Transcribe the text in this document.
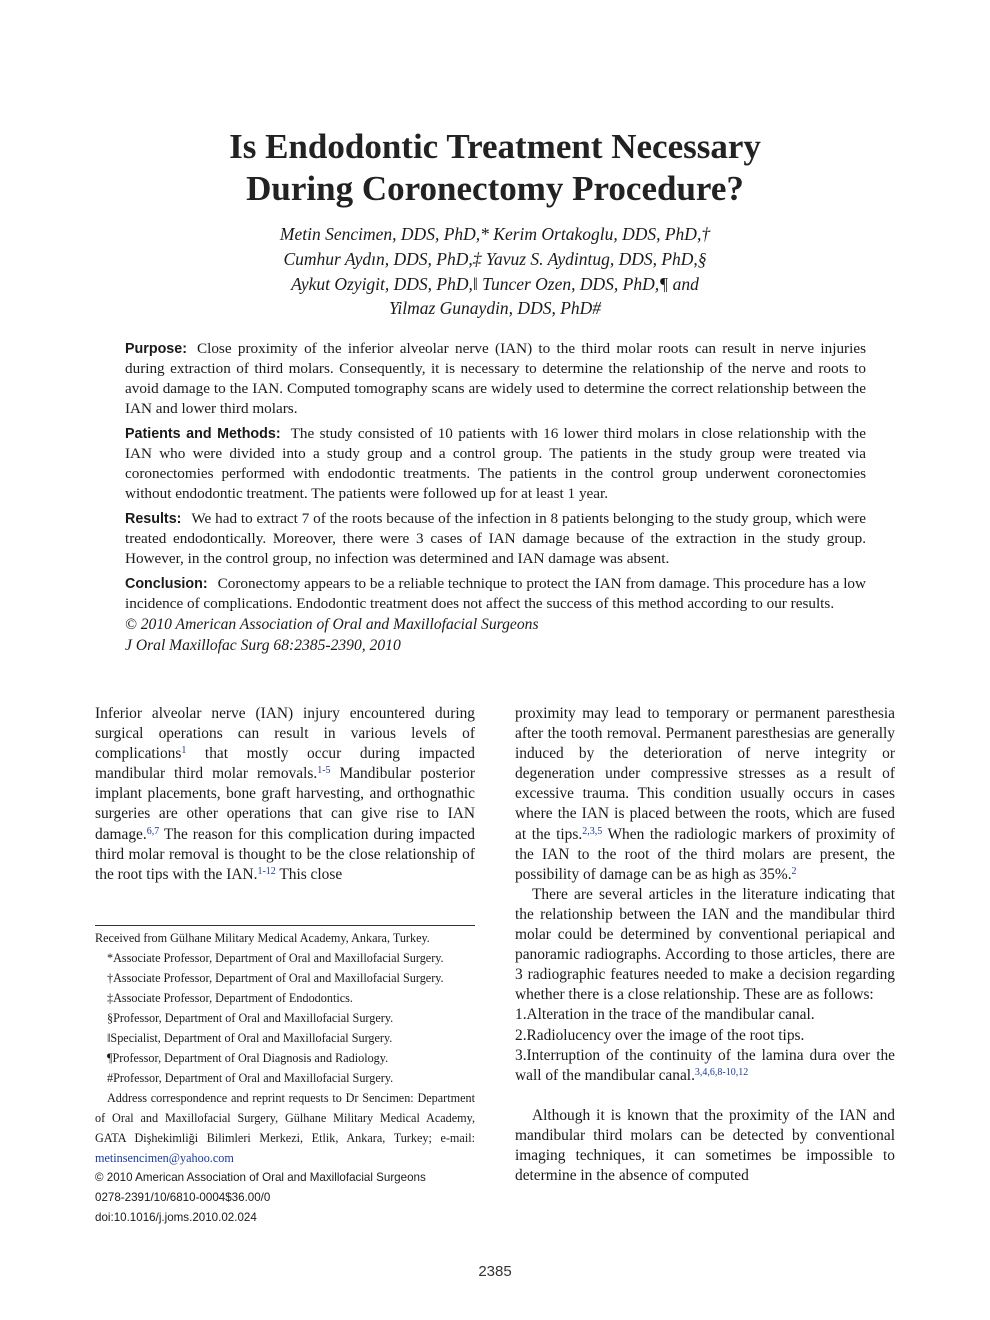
Is Endodontic Treatment Necessary
During Coronectomy Procedure?
Metin Sencimen, DDS, PhD,* Kerim Ortakoglu, DDS, PhD,†
Cumhur Aydın, DDS, PhD,‡ Yavuz S. Aydintug, DDS, PhD,§
Aykut Ozyigit, DDS, PhD,‖ Tuncer Ozen, DDS, PhD,¶ and
Yilmaz Gunaydin, DDS, PhD#

Purpose: Close proximity of the inferior alveolar nerve (IAN) to the third molar roots can result in nerve injuries during extraction of third molars. Consequently, it is necessary to determine the relationship of the nerve and roots to avoid damage to the IAN. Computed tomography scans are widely used to determine the correct relationship between the IAN and lower third molars.

Patients and Methods: The study consisted of 10 patients with 16 lower third molars in close relationship with the IAN who were divided into a study group and a control group. The patients in the study group were treated via coronectomies performed with endodontic treatments. The patients in the control group underwent coronectomies without endodontic treatment. The patients were followed up for at least 1 year.

Results: We had to extract 7 of the roots because of the infection in 8 patients belonging to the study group, which were treated endodontically. Moreover, there were 3 cases of IAN damage because of the extraction in the study group. However, in the control group, no infection was determined and IAN damage was absent.

Conclusion: Coronectomy appears to be a reliable technique to protect the IAN from damage. This procedure has a low incidence of complications. Endodontic treatment does not affect the success of this method according to our results.

© 2010 American Association of Oral and Maxillofacial Surgeons

J Oral Maxillofac Surg 68:2385-2390, 2010

Inferior alveolar nerve (IAN) injury encountered during surgical operations can result in various levels of complications$^1$ that mostly occur during impacted mandibular third molar removals.$^{1-5}$ Mandibular posterior implant placements, bone graft harvesting, and orthognathic surgeries are other operations that can give rise to IAN damage.$^{6,7}$ The reason for this complication during impacted third molar removal is thought to be the close relationship of the root tips with the IAN.$^{1-12}$ This close

Received from Gülhane Military Medical Academy, Ankara, Turkey.

*Associate Professor, Department of Oral and Maxillofacial Surgery.

†Associate Professor, Department of Oral and Maxillofacial Surgery.

‡Associate Professor, Department of Endodontics.

§Professor, Department of Oral and Maxillofacial Surgery.

‖Specialist, Department of Oral and Maxillofacial Surgery.

¶Professor, Department of Oral Diagnosis and Radiology.

#Professor, Department of Oral and Maxillofacial Surgery.

Address correspondence and reprint requests to Dr Sencimen: Department of Oral and Maxillofacial Surgery, Gülhane Military Medical Academy, GATA Dişhekimliği Bilimleri Merkezi, Etlik, Ankara, Turkey; e-mail: metinsencimen@yahoo.com

© 2010 American Association of Oral and Maxillofacial Surgeons

0278-2391/10/6810-0004$36.00/0

doi:10.1016/j.joms.2010.02.024

proximity may lead to temporary or permanent paresthesia after the tooth removal. Permanent paresthesias are generally induced by the deterioration of nerve integrity or degeneration under compressive stresses as a result of excessive trauma. This condition usually occurs in cases where the IAN is placed between the roots, which are fused at the tips.$^{2,3,5}$ When the radiologic markers of proximity of the IAN to the root of the third molars are present, the possibility of damage can be as high as 35%.$^2$

There are several articles in the literature indicating that the relationship between the IAN and the mandibular third molar could be determined by conventional periapical and panoramic radiographs. According to those articles, there are 3 radiographic features needed to make a decision regarding whether there is a close relationship. These are as follows:

1.Alteration in the trace of the mandibular canal.

2.Radiolucency over the image of the root tips.

3.Interruption of the continuity of the lamina dura over the wall of the mandibular canal.$^{3,4,6,8-10,12}$

Although it is known that the proximity of the IAN and mandibular third molars can be detected by conventional imaging techniques, it can sometimes be impossible to determine in the absence of computed

2385
